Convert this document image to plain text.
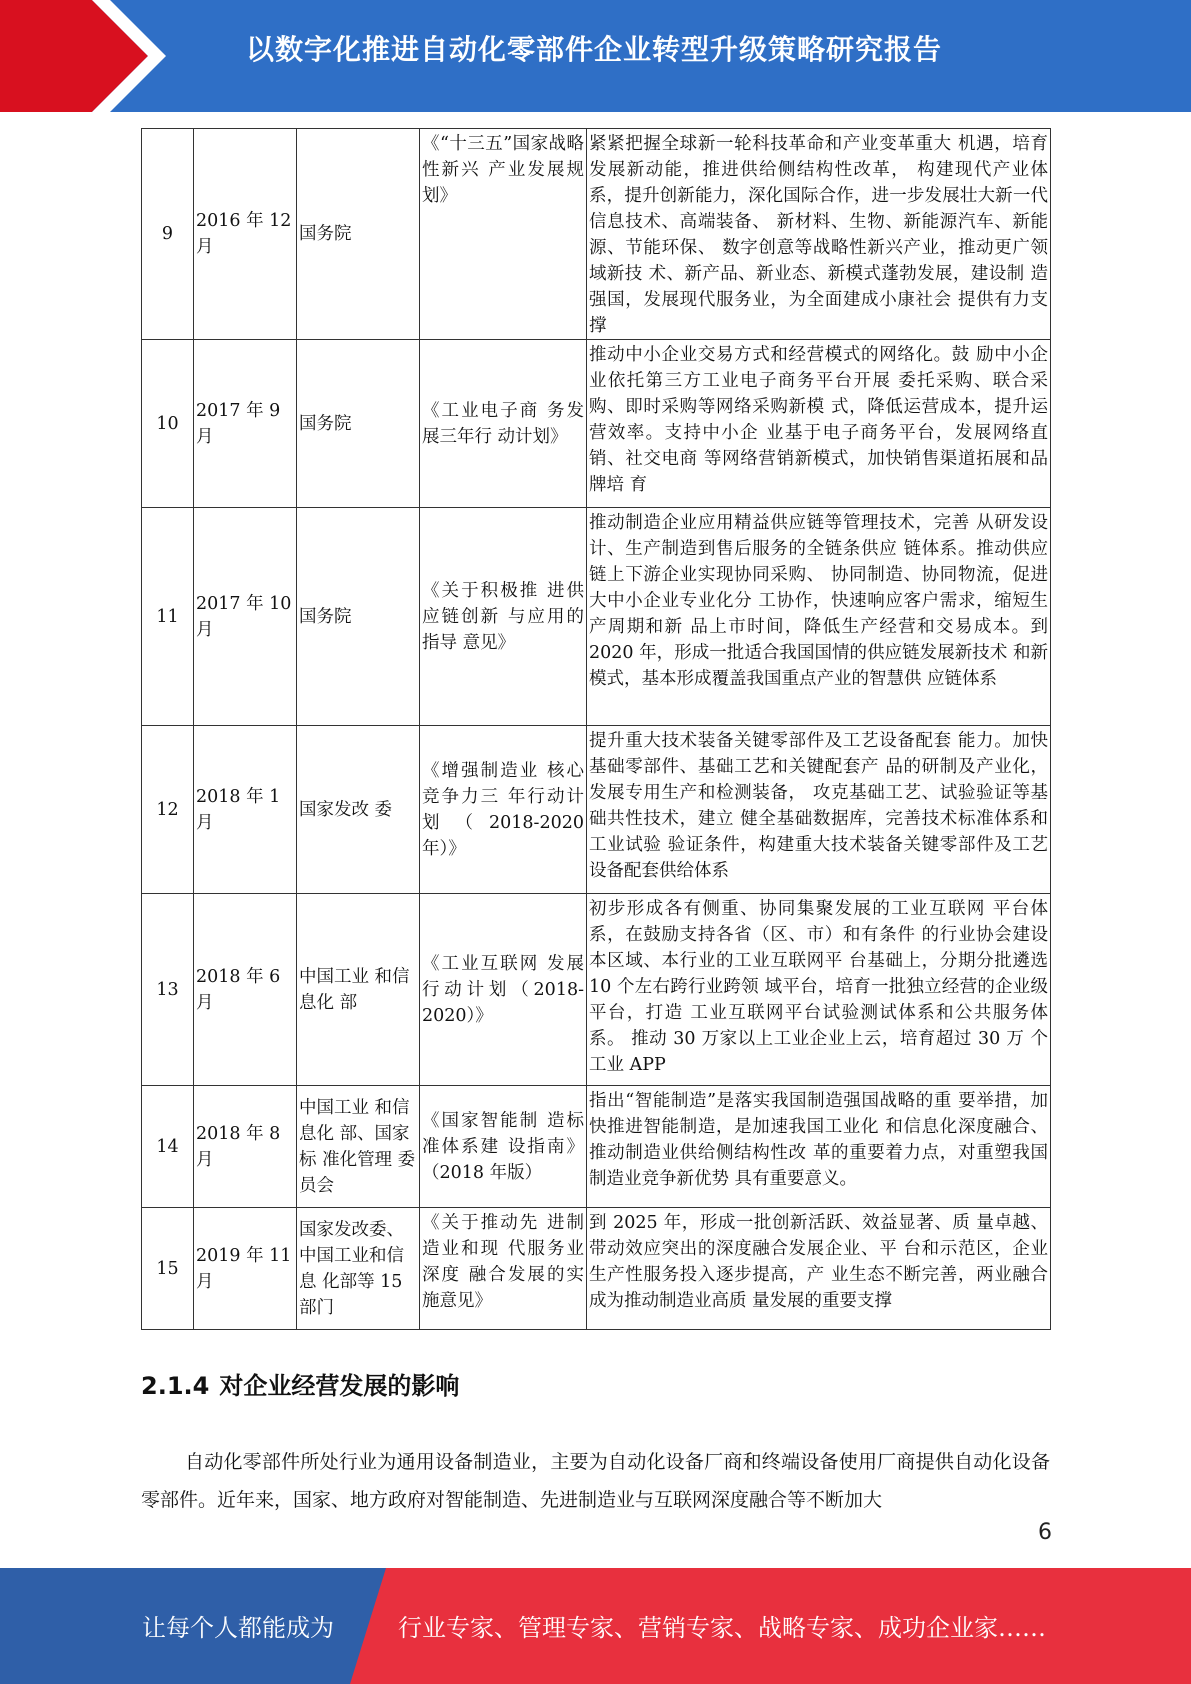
以数字化推进自动化零部件企业转型升级策略研究报告
9	2016 年 12 月	国务院	《“十三五”国家战略性新兴 产业发展规划》	紧紧把握全球新一轮科技革命和产业变革重大 机遇，培育发展新动能，推进供给侧结构性改革， 构建现代产业体系，提升创新能力，深化国际合作，进一步发展壮大新一代信息技术、高端装备、 新材料、生物、新能源汽车、新能源、节能环保、 数字创意等战略性新兴产业，推动更广领域新技 术、新产品、新业态、新模式蓬勃发展，建设制 造强国，发展现代服务业，为全面建成小康社会 提供有力支撑
10	2017 年 9 月	国务院	《工业电子商 务发展三年行 动计划》	推动中小企业交易方式和经营模式的网络化。鼓 励中小企业依托第三方工业电子商务平台开展 委托采购、联合采购、即时采购等网络采购新模 式，降低运营成本，提升运营效率。支持中小企 业基于电子商务平台，发展网络直销、社交电商 等网络营销新模式，加快销售渠道拓展和品牌培 育
11	2017 年 10 月	国务院	《关于积极推 进供应链创新 与应用的指导 意见》	推动制造企业应用精益供应链等管理技术，完善 从研发设计、生产制造到售后服务的全链条供应 链体系。推动供应链上下游企业实现协同采购、 协同制造、协同物流，促进大中小企业专业化分 工协作，快速响应客户需求，缩短生产周期和新 品上市时间，降低生产经营和交易成本。到 2020 年，形成一批适合我国国情的供应链发展新技术 和新模式，基本形成覆盖我国重点产业的智慧供 应链体系
12	2018 年 1 月	国家发改 委	《增强制造业 核心竞争力三 年行动计划（2018-2020 年）》	提升重大技术装备关键零部件及工艺设备配套 能力。加快基础零部件、基础工艺和关键配套产 品的研制及产业化，发展专用生产和检测装备， 攻克基础工艺、试验验证等基础共性技术，建立 健全基础数据库，完善技术标准体系和工业试验 验证条件，构建重大技术装备关键零部件及工艺 设备配套供给体系
13	2018 年 6 月	中国工业 和信息化 部	《工业互联网 发展行动计划（2018-2020）》	初步形成各有侧重、协同集聚发展的工业互联网 平台体系，在鼓励支持各省（区、市）和有条件 的行业协会建设本区域、本行业的工业互联网平 台基础上，分期分批遴选 10 个左右跨行业跨领 域平台，培育一批独立经营的企业级平台，打造 工业互联网平台试验测试体系和公共服务体系。 推动 30 万家以上工业企业上云，培育超过 30 万 个工业 APP
14	2018 年 8 月	中国工业 和信息化 部、国家标 准化管理 委员会	《国家智能制 造标准体系建 设指南》（2018 年版）	指出“智能制造”是落实我国制造强国战略的重 要举措，加快推进智能制造，是加速我国工业化 和信息化深度融合、推动制造业供给侧结构性改 革的重要着力点，对重塑我国制造业竞争新优势 具有重要意义。
15	2019 年 11 月	国家发改委、中国工业和信息 化部等 15 部门	《关于推动先 进制造业和现 代服务业深度 融合发展的实 施意见》	到 2025 年，形成一批创新活跃、效益显著、质 量卓越、带动效应突出的深度融合发展企业、平 台和示范区，企业生产性服务投入逐步提高，产 业生态不断完善，两业融合成为推动制造业高质 量发展的重要支撑
2.1.4 对企业经营发展的影响
自动化零部件所处行业为通用设备制造业，主要为自动化设备厂商和终端设备使用厂商提供自动化设备零部件。近年来，国家、地方政府对智能制造、先进制造业与互联网深度融合等不断加大
6
让每个人都能成为	行业专家、管理专家、营销专家、战略专家、成功企业家……
